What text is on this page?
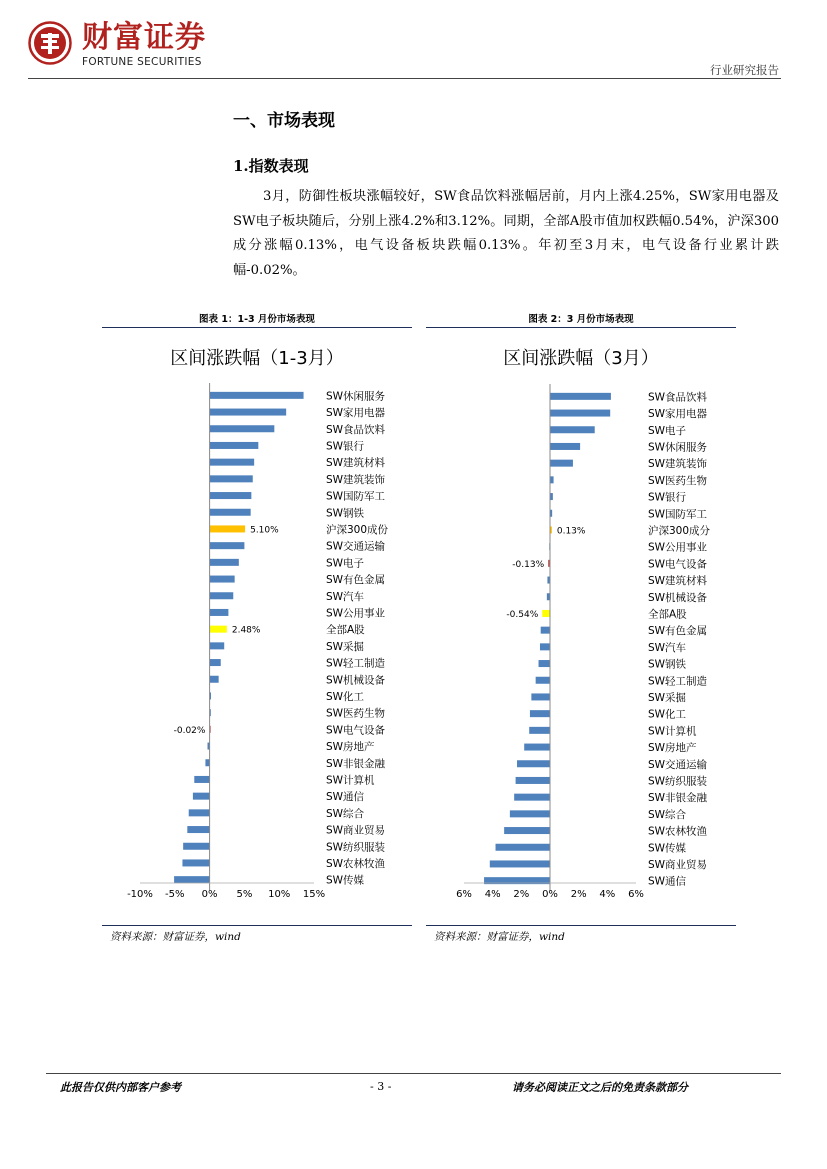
财富证券
FORTUNE SECURITIES
行业研究报告
一、市场表现
1.指数表现
3月，防御性板块涨幅较好，SW食品饮料涨幅居前，月内上涨4.25%，SW家用电器及SW电子板块随后，分别上涨4.2%和3.12%。同期，全部A股市值加权跌幅0.54%，沪深300成分涨幅0.13%，电气设备板块跌幅0.13%。年初至3月末，电气设备行业累计跌幅-0.02%。
图表 1：1-3 月份市场表现
区间涨跌幅（1-3月）
SW休闲服务
SW家用电器
SW食品饮料
SW银行
SW建筑材料
SW建筑装饰
SW国防军工
SW钢铁
沪深300成份
SW交通运输
SW电子
SW有色金属
SW汽车
SW公用事业
全部A股
SW采掘
SW轻工制造
SW机械设备
SW化工
SW医药生物
SW电气设备
SW房地产
SW非银金融
SW计算机
SW通信
SW综合
SW商业贸易
SW纺织服装
SW农林牧渔
SW传媒
5.10%
2.48%
-0.02%
-10% -5% 0% 5% 10% 15%
资料来源：财富证券，wind
图表 2：3 月份市场表现
区间涨跌幅（3月）
SW食品饮料
SW家用电器
SW电子
SW休闲服务
SW建筑装饰
SW医药生物
SW银行
SW国防军工
沪深300成分
SW公用事业
SW电气设备
SW建筑材料
SW机械设备
全部A股
SW有色金属
SW汽车
SW钢铁
SW轻工制造
SW采掘
SW化工
SW计算机
SW房地产
SW交通运输
SW纺织服装
SW非银金融
SW综合
SW农林牧渔
SW传媒
SW商业贸易
SW通信
0.13%
-0.13%
-0.54%
6% 4% 2% 0% 2% 4% 6%
资料来源：财富证券，wind
此报告仅供内部客户参考	- 3 -	请务必阅读正文之后的免责条款部分
